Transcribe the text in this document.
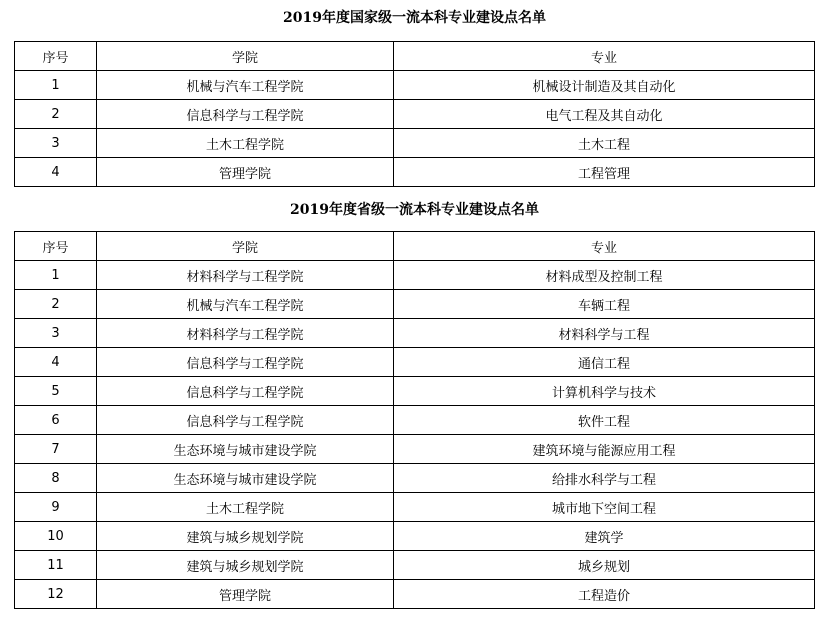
2019年度国家级一流本科专业建设点名单
序号	学院	专业
1	机械与汽车工程学院	机械设计制造及其自动化
2	信息科学与工程学院	电气工程及其自动化
3	土木工程学院	土木工程
4	管理学院	工程管理
2019年度省级一流本科专业建设点名单
序号	学院	专业
1	材料科学与工程学院	材料成型及控制工程
2	机械与汽车工程学院	车辆工程
3	材料科学与工程学院	材料科学与工程
4	信息科学与工程学院	通信工程
5	信息科学与工程学院	计算机科学与技术
6	信息科学与工程学院	软件工程
7	生态环境与城市建设学院	建筑环境与能源应用工程
8	生态环境与城市建设学院	给排水科学与工程
9	土木工程学院	城市地下空间工程
10	建筑与城乡规划学院	建筑学
11	建筑与城乡规划学院	城乡规划
12	管理学院	工程造价
